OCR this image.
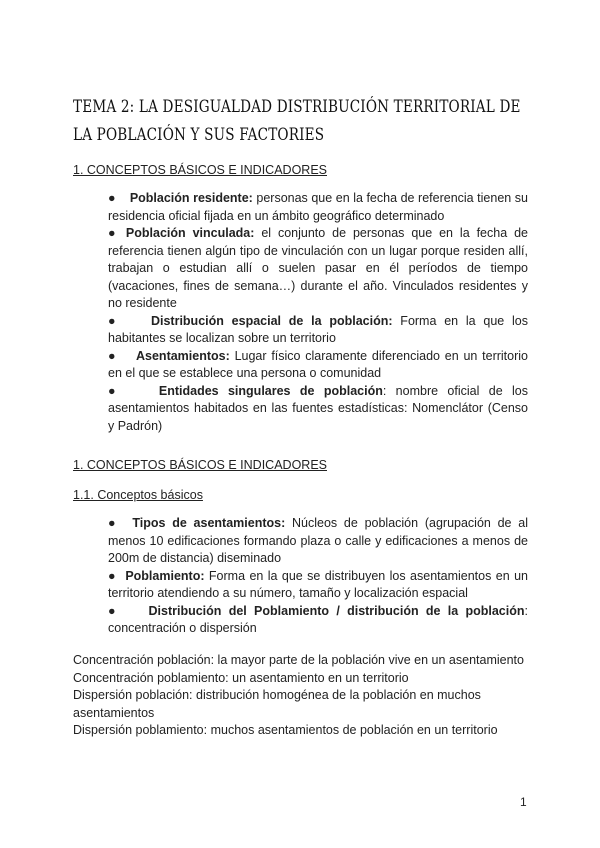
TEMA 2: LA DESIGUALDAD DISTRIBUCIÓN TERRITORIAL DE LA POBLACIÓN Y SUS FACTORIES
1. CONCEPTOS BÁSICOS E INDICADORES

● Población residente: personas que en la fecha de referencia tienen su residencia oficial fijada en un ámbito geográfico determinado

● Población vinculada: el conjunto de personas que en la fecha de referencia tienen algún tipo de vinculación con un lugar porque residen allí, trabajan o estudian allí o suelen pasar en él períodos de tiempo (vacaciones, fines de semana…) durante el año. Vinculados residentes y no residente

● Distribución espacial de la población: Forma en la que los habitantes se localizan sobre un territorio

● Asentamientos: Lugar físico claramente diferenciado en un territorio en el que se establece una persona o comunidad

●	Entidades singulares de población: nombre oficial de los asentamientos habitados en las fuentes estadísticas: Nomenclátor (Censo y Padrón)

1. CONCEPTOS BÁSICOS E INDICADORES
1.1. Conceptos básicos

● Tipos de asentamientos: Núcleos de población (agrupación de al menos 10 edificaciones formando plaza o calle y edificaciones a menos de 200m de distancia) diseminado

● Poblamiento: Forma en la que se distribuyen los asentamientos en un territorio atendiendo a su número, tamaño y localización espacial

● Distribución del Poblamiento / distribución de la población: concentración o dispersión

Concentración población: la mayor parte de la población vive en un asentamiento Concentración poblamiento: un asentamiento en un territorio

Dispersión población: distribución homogénea de la población en muchos asentamientos

Dispersión poblamiento: muchos asentamientos de población en un territorio

1
